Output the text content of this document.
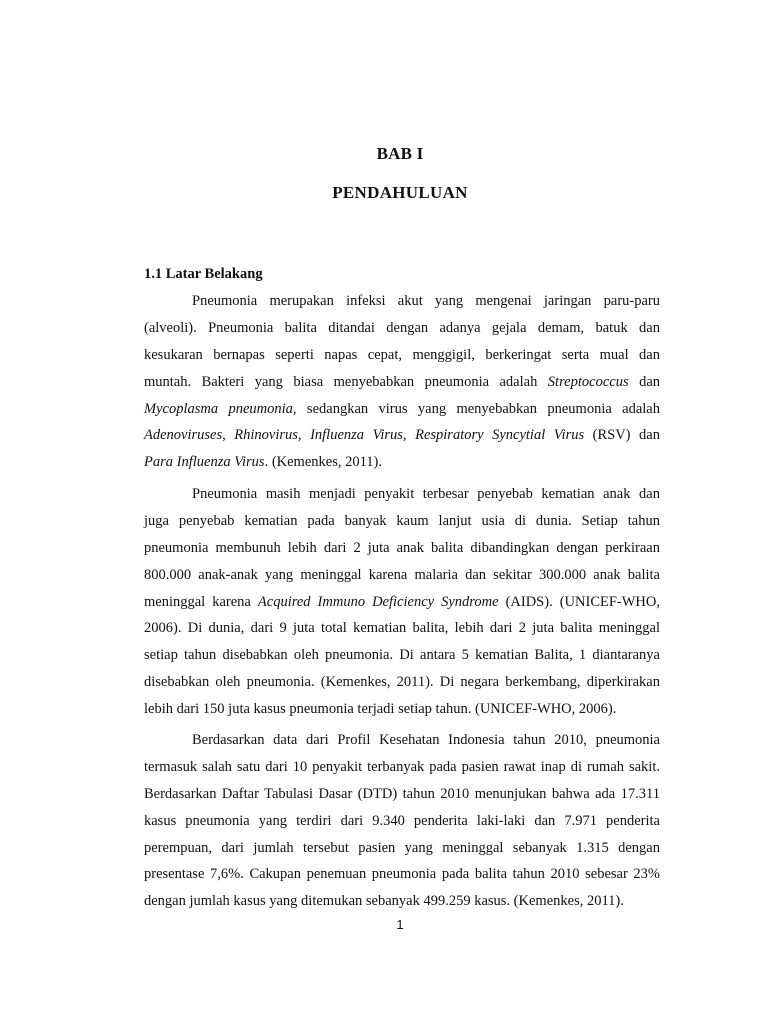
BAB I
PENDAHULUAN
1.1 Latar Belakang

Pneumonia merupakan infeksi akut yang mengenai jaringan paru-paru
(alveoli). Pneumonia balita ditandai dengan adanya gejala demam, batuk dan
kesukaran bernapas seperti napas cepat, menggigil, berkeringat serta mual dan
muntah. Bakteri yang biasa menyebabkan pneumonia adalah Streptococcus dan
Mycoplasma pneumonia, sedangkan virus yang menyebabkan pneumonia adalah
Adenoviruses, Rhinovirus, Influenza Virus, Respiratory Syncytial Virus (RSV) dan
Para Influenza Virus. (Kemenkes, 2011).

Pneumonia masih menjadi penyakit terbesar penyebab kematian anak dan
juga penyebab kematian pada banyak kaum lanjut usia di dunia. Setiap tahun
pneumonia membunuh lebih dari 2 juta anak balita dibandingkan dengan perkiraan
800.000 anak-anak yang meninggal karena malaria dan sekitar 300.000 anak balita
meninggal karena Acquired Immuno Deficiency Syndrome (AIDS). (UNICEF-WHO,
2006). Di dunia, dari 9 juta total kematian balita, lebih dari 2 juta balita meninggal
setiap tahun disebabkan oleh pneumonia. Di antara 5 kematian Balita, 1 diantaranya
disebabkan oleh pneumonia. (Kemenkes, 2011). Di negara berkembang, diperkirakan
lebih dari 150 juta kasus pneumonia terjadi setiap tahun. (UNICEF-WHO, 2006).

Berdasarkan data dari Profil Kesehatan Indonesia tahun 2010, pneumonia
termasuk salah satu dari 10 penyakit terbanyak pada pasien rawat inap di rumah sakit.
Berdasarkan Daftar Tabulasi Dasar (DTD) tahun 2010 menunjukan bahwa ada 17.311
kasus pneumonia yang terdiri dari 9.340 penderita laki-laki dan 7.971 penderita
perempuan, dari jumlah tersebut pasien yang meninggal sebanyak 1.315 dengan
presentase 7,6%. Cakupan penemuan pneumonia pada balita tahun 2010 sebesar 23%
dengan jumlah kasus yang ditemukan sebanyak 499.259 kasus. (Kemenkes, 2011).

1
